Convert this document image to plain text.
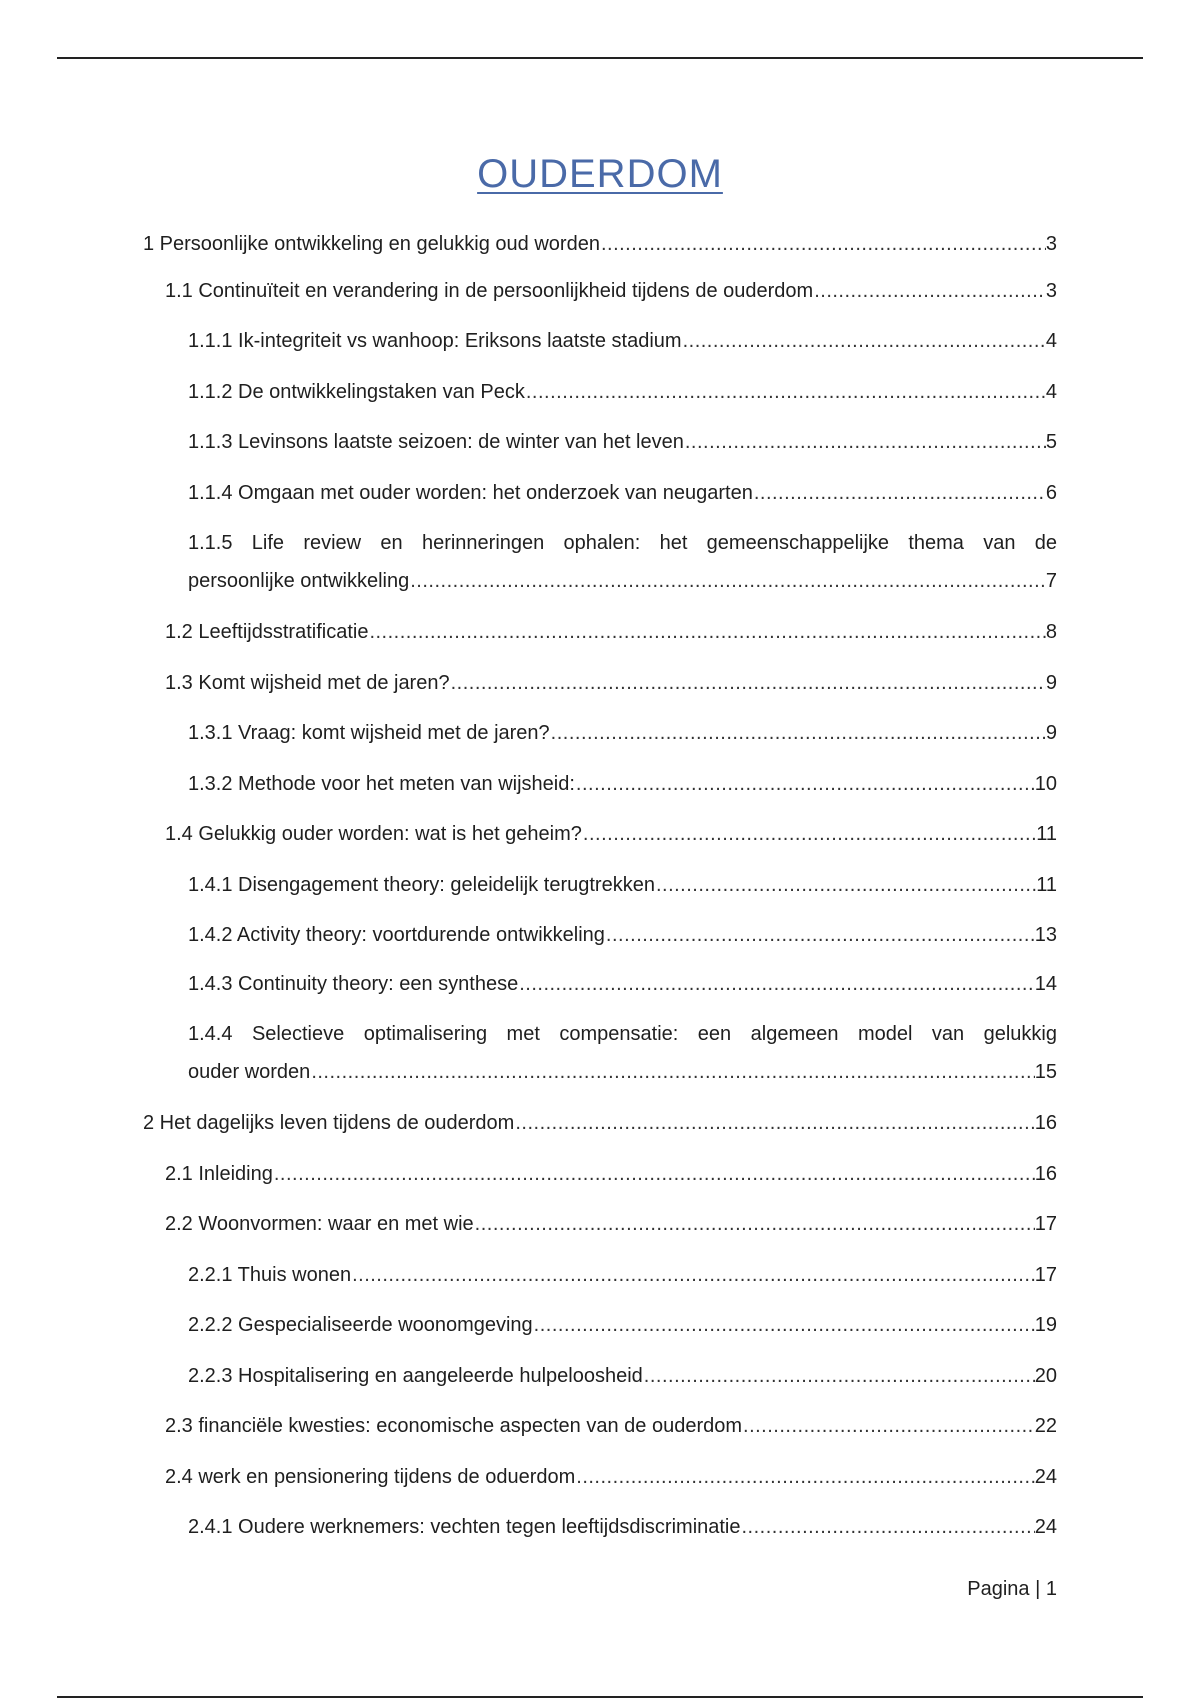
OUDERDOM
1 Persoonlijke ontwikkeling en gelukkig oud worden .....	3
1.1 Continuïteit en verandering in de persoonlijkheid tijdens de ouderdom .....	3
1.1.1 Ik-integriteit vs wanhoop: Eriksons laatste stadium .....	4
1.1.2 De ontwikkelingstaken van Peck .....	4
1.1.3 Levinsons laatste seizoen: de winter van het leven .....	5
1.1.4 Omgaan met ouder worden: het onderzoek van neugarten .....	6
1.1.5 Life review en herinneringen ophalen: het gemeenschappelijke thema van de
persoonlijke ontwikkeling .....	7
1.2 Leeftijdsstratificatie .....	8
1.3 Komt wijsheid met de jaren? .....	9
1.3.1 Vraag: komt wijsheid met de jaren? .....	9
1.3.2 Methode voor het meten van wijsheid: .....	10
1.4 Gelukkig ouder worden: wat is het geheim? .....	11
1.4.1 Disengagement theory: geleidelijk terugtrekken .....	11
1.4.2 Activity theory: voortdurende ontwikkeling .....	13
1.4.3 Continuity theory: een synthese .....	14
1.4.4 Selectieve optimalisering met compensatie: een algemeen model van gelukkig
ouder worden .....	15
2 Het dagelijks leven tijdens de ouderdom .....	16
2.1 Inleiding .....	16
2.2 Woonvormen: waar en met wie .....	17
2.2.1 Thuis wonen .....	17
2.2.2 Gespecialiseerde woonomgeving .....	19
2.2.3 Hospitalisering en aangeleerde hulpeloosheid .....	20
2.3 financiële kwesties: economische aspecten van de ouderdom .....	22
2.4 werk en pensionering tijdens de oduerdom .....	24
2.4.1 Oudere werknemers: vechten tegen leeftijdsdiscriminatie .....	24
Pagina | 1
